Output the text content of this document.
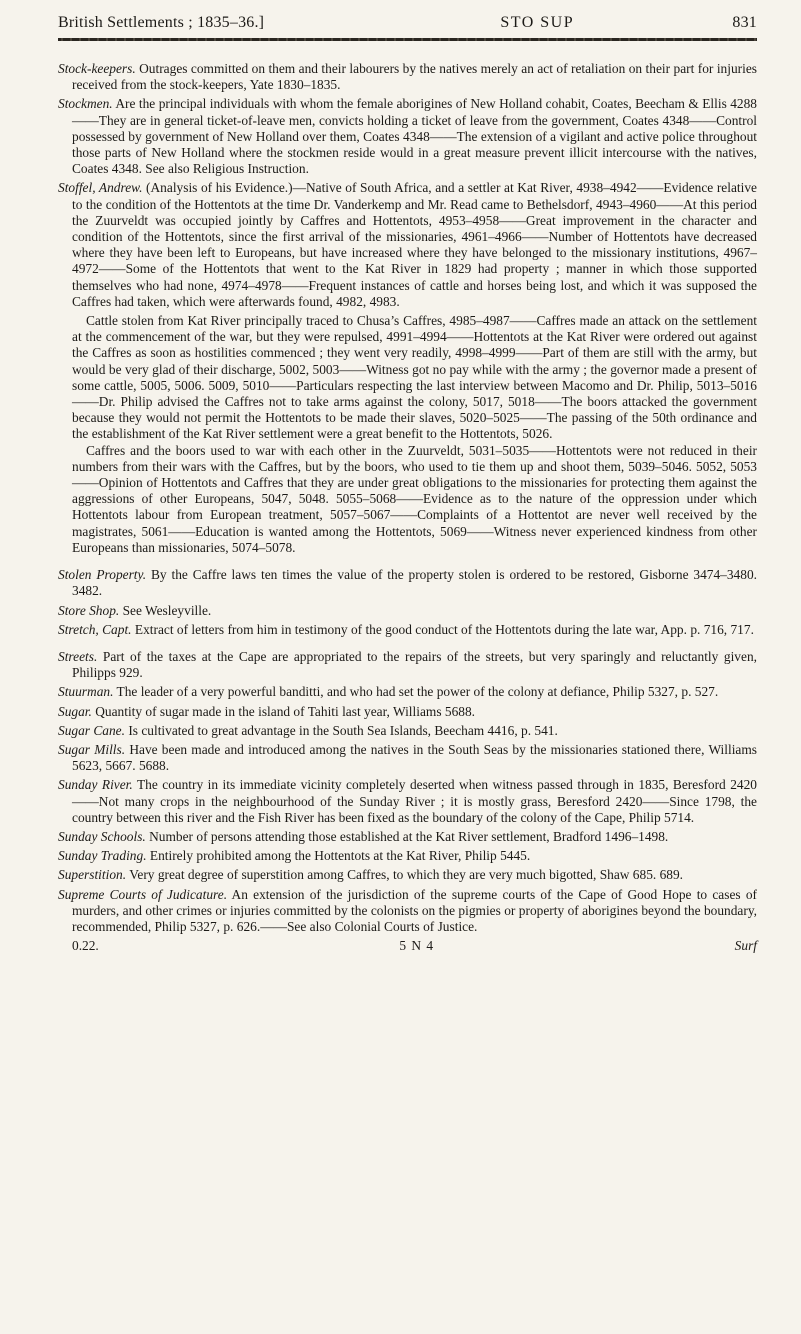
British Settlements ; 1835–36.]	STO SUP	831

Stock-keepers. Outrages committed on them and their labourers by the natives merely an act of retaliation on their part for injuries received from the stock-keepers, Yate 1830–1835.

Stockmen. Are the principal individuals with whom the female aborigines of New Holland cohabit, Coates, Beecham & Ellis 4288——They are in general ticket-of-leave men, convicts holding a ticket of leave from the government, Coates 4348——Control possessed by government of New Holland over them, Coates 4348——The extension of a vigilant and active police throughout those parts of New Holland where the stockmen reside would in a great measure prevent illicit intercourse with the natives, Coates 4348. See also Religious Instruction.

Stoffel, Andrew. (Analysis of his Evidence.)—Native of South Africa, and a settler at Kat River, 4938–4942——Evidence relative to the condition of the Hottentots at the time Dr. Vanderkemp and Mr. Read came to Bethelsdorf, 4943–4960——At this period the Zuurveldt was occupied jointly by Caffres and Hottentots, 4953–4958——Great improvement in the character and condition of the Hottentots, since the first arrival of the missionaries, 4961–4966——Number of Hottentots have decreased where they have been left to Europeans, but have increased where they have belonged to the missionary institutions, 4967–4972——Some of the Hottentots that went to the Kat River in 1829 had property ; manner in which those supported themselves who had none, 4974–4978——Frequent instances of cattle and horses being lost, and which it was supposed the Caffres had taken, which were afterwards found, 4982, 4983.

Cattle stolen from Kat River principally traced to Chusa’s Caffres, 4985–4987——Caffres made an attack on the settlement at the commencement of the war, but they were repulsed, 4991–4994——Hottentots at the Kat River were ordered out against the Caffres as soon as hostilities commenced ; they went very readily, 4998–4999——Part of them are still with the army, but would be very glad of their discharge, 5002, 5003——Witness got no pay while with the army ; the governor made a present of some cattle, 5005, 5006. 5009, 5010——Particulars respecting the last interview between Macomo and Dr. Philip, 5013–5016——Dr. Philip advised the Caffres not to take arms against the colony, 5017, 5018——The boors attacked the government because they would not permit the Hottentots to be made their slaves, 5020–5025——The passing of the 50th ordinance and the establishment of the Kat River settlement were a great benefit to the Hottentots, 5026.

Caffres and the boors used to war with each other in the Zuurveldt, 5031–5035——Hottentots were not reduced in their numbers from their wars with the Caffres, but by the boors, who used to tie them up and shoot them, 5039–5046. 5052, 5053——Opinion of Hottentots and Caffres that they are under great obligations to the missionaries for protecting them against the aggressions of other Europeans, 5047, 5048. 5055–5068——Evidence as to the nature of the oppression under which Hottentots labour from European treatment, 5057–5067——Complaints of a Hottentot are never well received by the magistrates, 5061——Education is wanted among the Hottentots, 5069——Witness never experienced kindness from other Europeans than missionaries, 5074–5078.

Stolen Property. By the Caffre laws ten times the value of the property stolen is ordered to be restored, Gisborne 3474–3480. 3482.

Store Shop. See Wesleyville.

Stretch, Capt. Extract of letters from him in testimony of the good conduct of the Hottentots during the late war, App. p. 716, 717.

Streets. Part of the taxes at the Cape are appropriated to the repairs of the streets, but very sparingly and reluctantly given, Philipps 929.

Stuurman. The leader of a very powerful banditti, and who had set the power of the colony at defiance, Philip 5327, p. 527.

Sugar. Quantity of sugar made in the island of Tahiti last year, Williams 5688.

Sugar Cane. Is cultivated to great advantage in the South Sea Islands, Beecham 4416, p. 541.

Sugar Mills. Have been made and introduced among the natives in the South Seas by the missionaries stationed there, Williams 5623, 5667. 5688.

Sunday River. The country in its immediate vicinity completely deserted when witness passed through in 1835, Beresford 2420——Not many crops in the neighbourhood of the Sunday River ; it is mostly grass, Beresford 2420——Since 1798, the country between this river and the Fish River has been fixed as the boundary of the colony of the Cape, Philip 5714.

Sunday Schools. Number of persons attending those established at the Kat River settlement, Bradford 1496–1498.

Sunday Trading. Entirely prohibited among the Hottentots at the Kat River, Philip 5445.

Superstition. Very great degree of superstition among Caffres, to which they are very much bigotted, Shaw 685. 689.

Supreme Courts of Judicature. An extension of the jurisdiction of the supreme courts of the Cape of Good Hope to cases of murders, and other crimes or injuries committed by the colonists on the pigmies or property of aborigines beyond the boundary, recommended, Philip 5327, p. 626.——See also Colonial Courts of Justice.

0.22.	5 N 4	Surf
